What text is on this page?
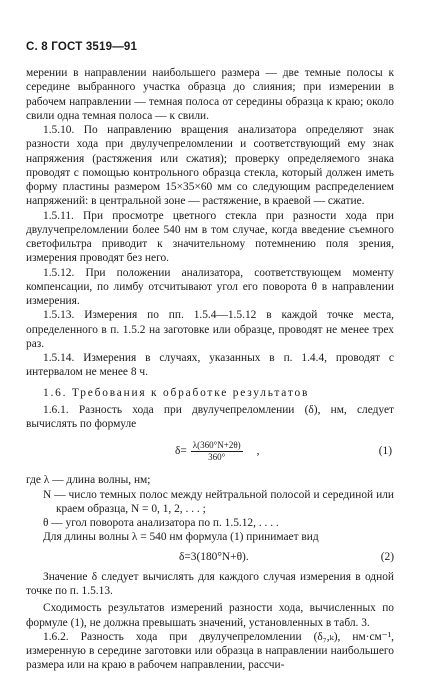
С. 8 ГОСТ 3519—91

мерении в направлении наибольшего размера — две темные полосы к середине выбранного участка образца до слияния; при измерении в рабочем направлении — темная полоса от середины образца к краю; около свили одна темная полоса — к свили.

1.5.10. По направлению вращения анализатора определяют знак разности хода при двулучепреломлении и соответствующий ему знак напряжения (растяжения или сжатия); проверку определяемого знака проводят с помощью контрольного образца стекла, который должен иметь форму пластины размером 15×35×60 мм со следующим распределением напряжений: в центральной зоне — растяжение, в краевой — сжатие.

1.5.11. При просмотре цветного стекла при разности хода при двулучепреломлении более 540 нм в том случае, когда введение съемного светофильтра приводит к значительному потемнению поля зрения, измерения проводят без него.

1.5.12. При положении анализатора, соответствующем моменту компенсации, по лимбу отсчитывают угол его поворота θ в направлении измерения.

1.5.13. Измерения по пп. 1.5.4—1.5.12 в каждой точке места, определенного в п. 1.5.2 на заготовке или образце, проводят не менее трех раз.

1.5.14. Измерения в случаях, указанных в п. 1.4.4, проводят с интервалом не менее 8 ч.

1.6. Требования к обработке результатов

1.6.1. Разность хода при двулучепреломлении (δ), нм, следует вычислять по формуле

$\delta= \frac{\lambda(360^\circ N+2\theta)}{360^\circ}$ ,	(1)

где λ — длина волны, нм;

N — число темных полос между нейтральной полосой и серединой или краем образца, N = 0, 1, 2, . . . ;

θ — угол поворота анализатора по п. 1.5.12, . . . .

Для длины волны λ = 540 нм формула (1) принимает вид

δ=3(180°N+θ).	(2)

Значение δ следует вычислять для каждого случая измерения в одной точке по п. 1.5.13.

Сходимость результатов измерений разности хода, вычисленных по формуле (1), не должна превышать значений, установленных в табл. 3.

1.6.2. Разность хода при двулучепреломлении (δ₇,ₖ), нм·см⁻¹, измеренную в середине заготовки или образца в направлении наибольшего размера или на краю в рабочем направлении, рассчи-
